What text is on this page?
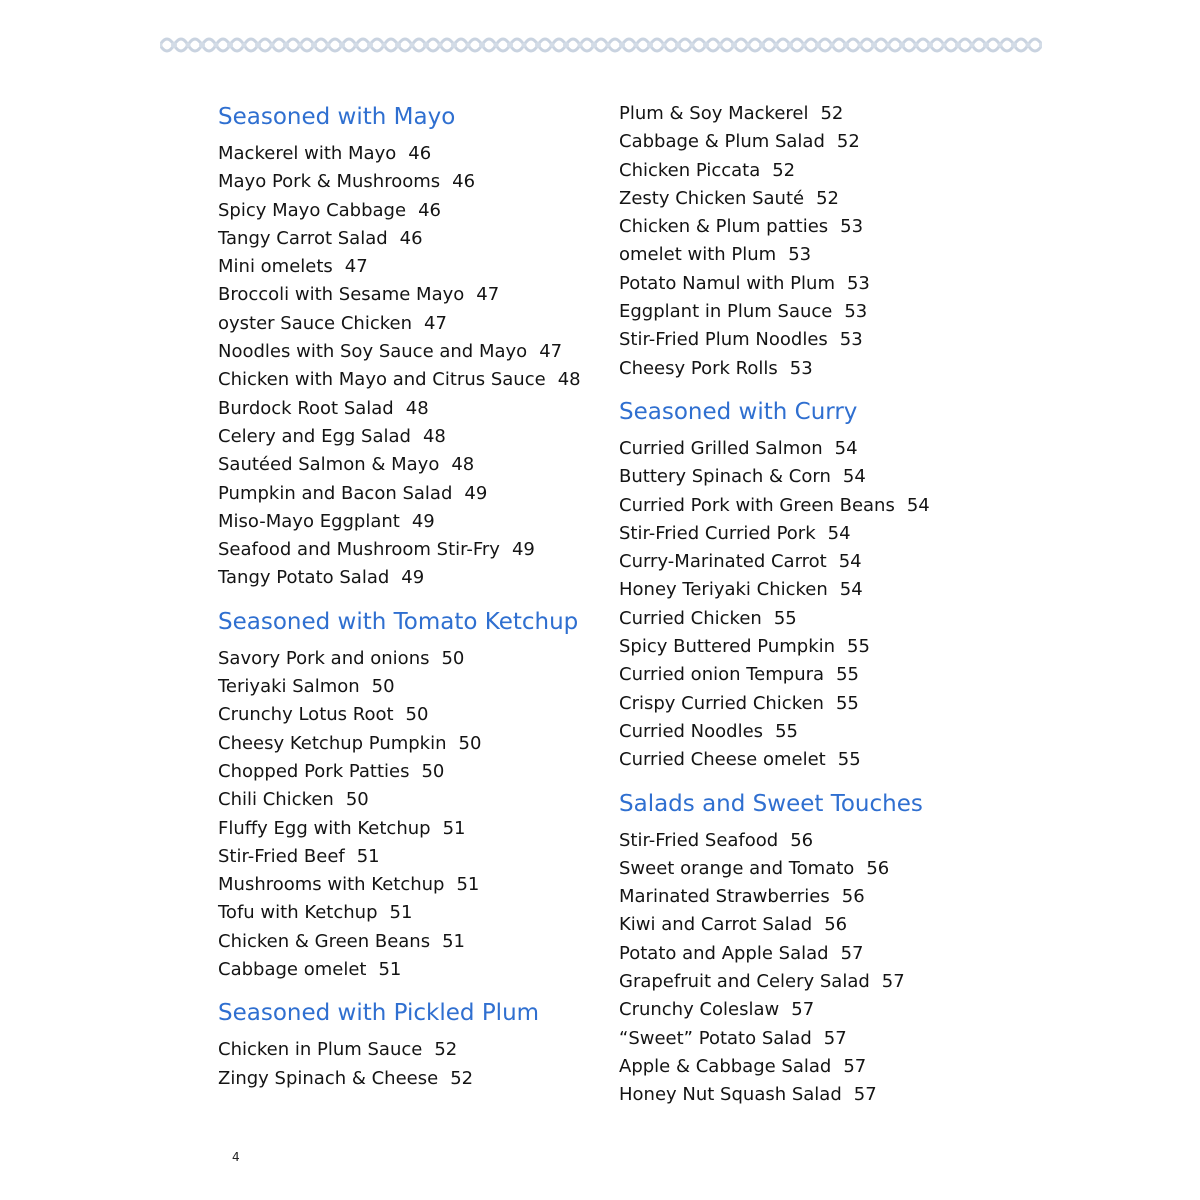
Seasoned with Mayo
Mackerel with Mayo 46
Mayo Pork & Mushrooms 46
Spicy Mayo Cabbage 46
Tangy Carrot Salad 46
Mini omelets 47
Broccoli with Sesame Mayo 47
oyster Sauce Chicken 47
Noodles with Soy Sauce and Mayo 47
Chicken with Mayo and Citrus Sauce 48
Burdock Root Salad 48
Celery and Egg Salad 48
Sautéed Salmon & Mayo 48
Pumpkin and Bacon Salad 49
Miso-Mayo Eggplant 49
Seafood and Mushroom Stir-Fry 49
Tangy Potato Salad 49
Seasoned with Tomato Ketchup
Savory Pork and onions 50
Teriyaki Salmon 50
Crunchy Lotus Root 50
Cheesy Ketchup Pumpkin 50
Chopped Pork Patties 50
Chili Chicken 50
Fluffy Egg with Ketchup 51
Stir-Fried Beef 51
Mushrooms with Ketchup 51
Tofu with Ketchup 51
Chicken & Green Beans 51
Cabbage omelet 51
Seasoned with Pickled Plum
Chicken in Plum Sauce 52
Zingy Spinach & Cheese 52
Plum & Soy Mackerel 52
Cabbage & Plum Salad 52
Chicken Piccata 52
Zesty Chicken Sauté 52
Chicken & Plum patties 53
omelet with Plum 53
Potato Namul with Plum 53
Eggplant in Plum Sauce 53
Stir-Fried Plum Noodles 53
Cheesy Pork Rolls 53
Seasoned with Curry
Curried Grilled Salmon 54
Buttery Spinach & Corn 54
Curried Pork with Green Beans 54
Stir-Fried Curried Pork 54
Curry-Marinated Carrot 54
Honey Teriyaki Chicken 54
Curried Chicken 55
Spicy Buttered Pumpkin 55
Curried onion Tempura 55
Crispy Curried Chicken 55
Curried Noodles 55
Curried Cheese omelet 55
Salads and Sweet Touches
Stir-Fried Seafood 56
Sweet orange and Tomato 56
Marinated Strawberries 56
Kiwi and Carrot Salad 56
Potato and Apple Salad 57
Grapefruit and Celery Salad 57
Crunchy Coleslaw 57
“Sweet” Potato Salad 57
Apple & Cabbage Salad 57
Honey Nut Squash Salad 57
4
